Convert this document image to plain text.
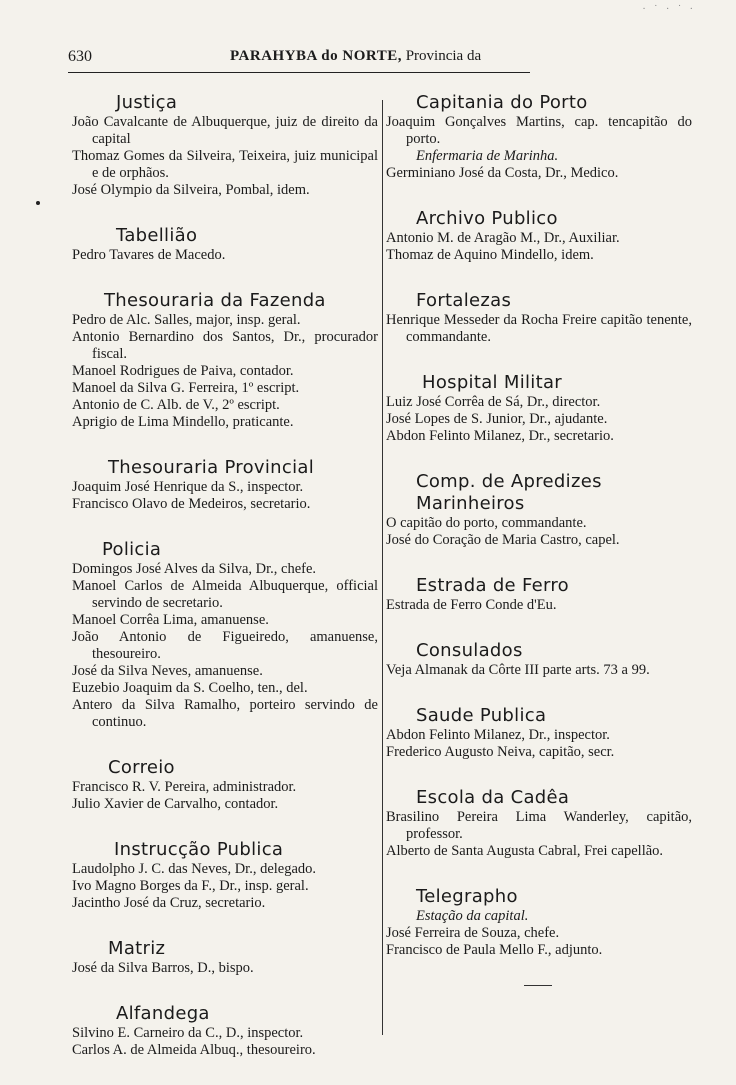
· ˙ · ˙ ·
630	PARAHYBA do NORTE, Provincia da
Justiça

João Cavalcante de Albuquerque, juiz de direito da capital

Thomaz Gomes da Silveira, Teixeira, juiz municipal e de orphãos.

José Olympio da Silveira, Pombal, idem.

Tabellião

Pedro Tavares de Macedo.

Thesouraria da Fazenda

Pedro de Alc. Salles, major, insp. geral.

Antonio Bernardino dos Santos, Dr., procurador fiscal.

Manoel Rodrigues de Paiva, contador.

Manoel da Silva G. Ferreira, 1º escript.

Antonio de C. Alb. de V., 2º escript.

Aprigio de Lima Mindello, praticante.

Thesouraria Provincial

Joaquim José Henrique da S., inspector.

Francisco Olavo de Medeiros, secretario.

Policia

Domingos José Alves da Silva, Dr., chefe.

Manoel Carlos de Almeida Albuquerque, official servindo de secretario.

Manoel Corrêa Lima, amanuense.

João Antonio de Figueiredo, amanuense, thesoureiro.

José da Silva Neves, amanuense.

Euzebio Joaquim da S. Coelho, ten., del.

Antero da Silva Ramalho, porteiro servindo de continuo.

Correio

Francisco R. V. Pereira, administrador.

Julio Xavier de Carvalho, contador.

Instrucção Publica

Laudolpho J. C. das Neves, Dr., delegado.

Ivo Magno Borges da F., Dr., insp. geral.

Jacintho José da Cruz, secretario.

Matriz

José da Silva Barros, D., bispo.

Alfandega

Silvino E. Carneiro da C., D., inspector.

Carlos A. de Almeida Albuq., thesoureiro.

Capitania do Porto

Joaquim Gonçalves Martins, cap. tencapitão do porto.

Enfermaria de Marinha.

Germiniano José da Costa, Dr., Medico.

Archivo Publico

Antonio M. de Aragão M., Dr., Auxiliar.

Thomaz de Aquino Mindello, idem.

Fortalezas

Henrique Messeder da Rocha Freire capitão tenente, commandante.

Hospital Militar

Luiz José Corrêa de Sá, Dr., director.

José Lopes de S. Junior, Dr., ajudante.

Abdon Felinto Milanez, Dr., secretario.

Comp. de Apredizes Marinheiros

O capitão do porto, commandante.

José do Coração de Maria Castro, capel.

Estrada de Ferro

Estrada de Ferro Conde d'Eu.

Consulados

Veja Almanak da Côrte III parte arts. 73 a 99.

Saude Publica

Abdon Felinto Milanez, Dr., inspector.

Frederico Augusto Neiva, capitão, secr.

Escola da Cadêa

Brasilino Pereira Lima Wanderley, capitão, professor.

Alberto de Santa Augusta Cabral, Frei capellão.

Telegrapho

Estação da capital.

José Ferreira de Souza, chefe.

Francisco de Paula Mello F., adjunto.
